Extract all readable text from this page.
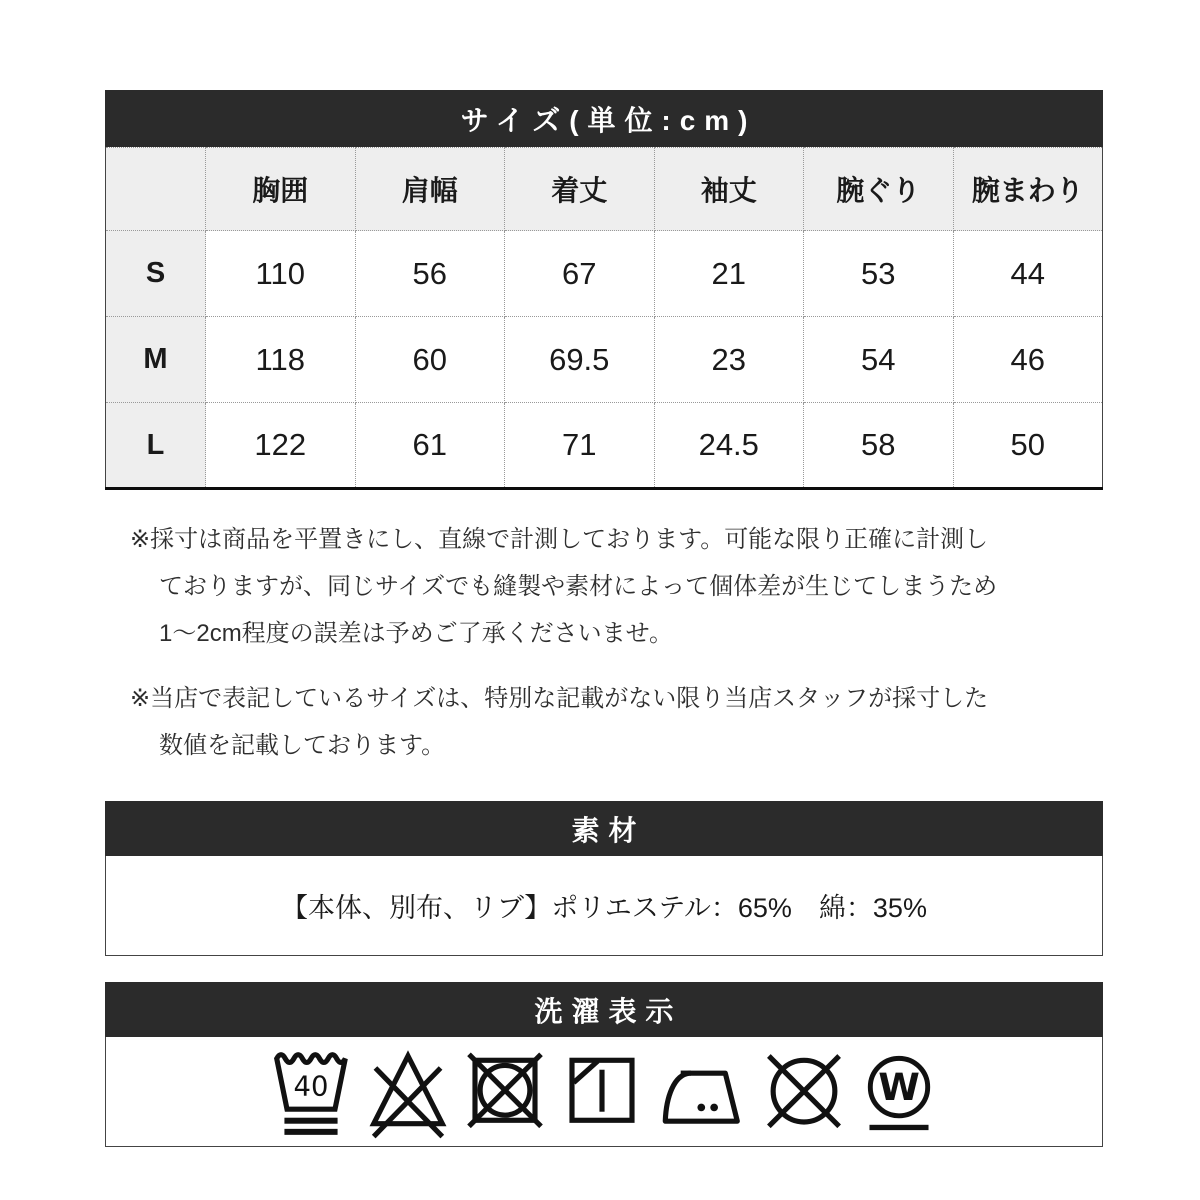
サイズ(単位:cm)
	胸囲	肩幅	着丈	袖丈	腕ぐり	腕まわり
S	110	56	67	21	53	44
M	118	60	69.5	23	54	46
L	122	61	71	24.5	58	50
※採寸は商品を平置きにし、直線で計測しております。可能な限り正確に計測し
ておりますが、同じサイズでも縫製や素材によって個体差が生じてしまうため
1〜2cm程度の誤差は予めご了承くださいませ。
※当店で表記しているサイズは、特別な記載がない限り当店スタッフが採寸した
数値を記載しております。
素材
【本体、別布、リブ】ポリエステル：65%　綿：35%
洗濯表示
40	W
